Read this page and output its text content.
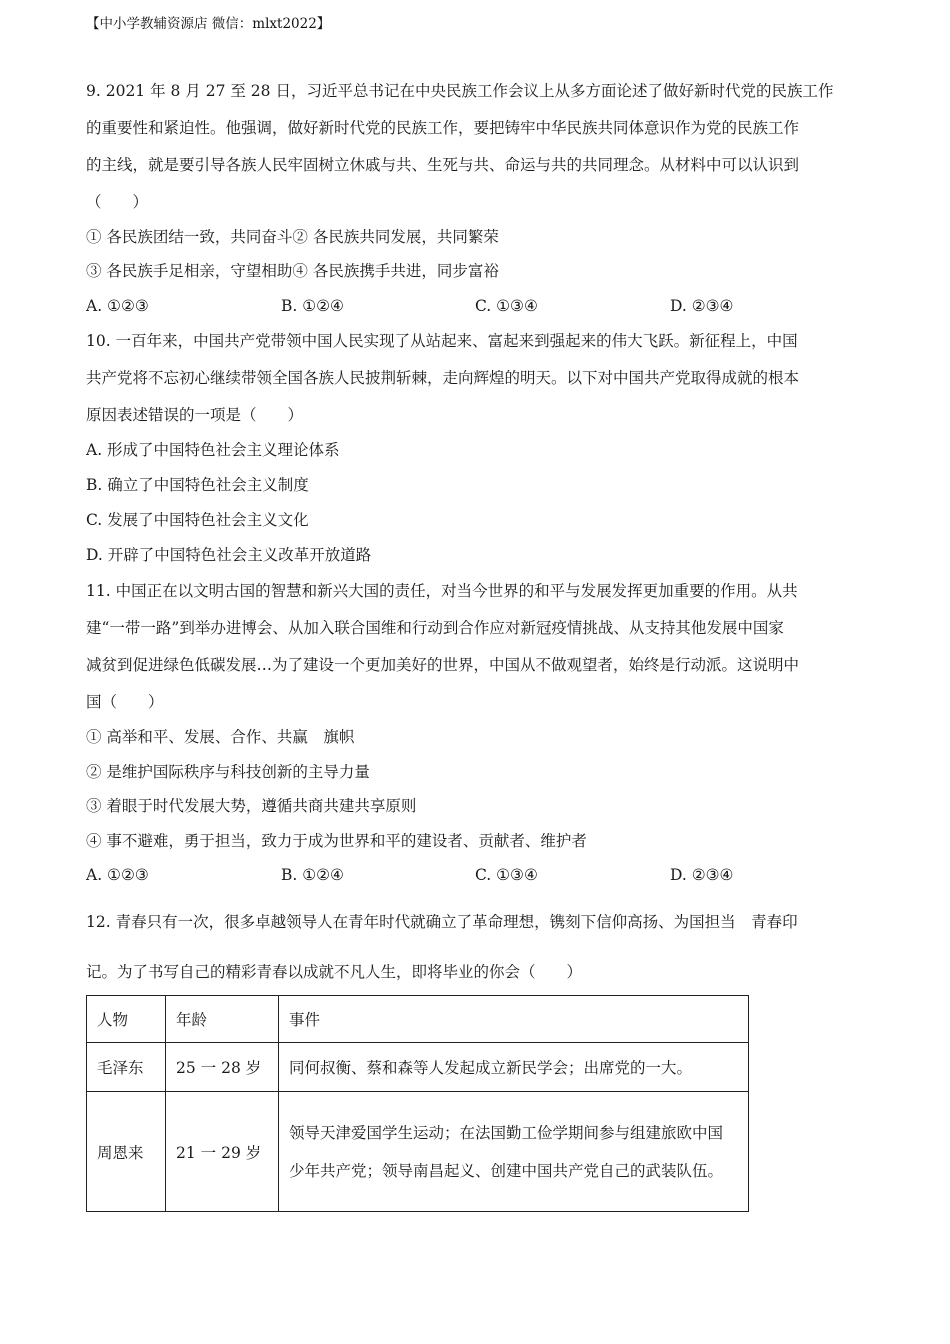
【中小学教辅资源店 微信：mlxt2022】
9. 2021 年 8 月 27 至 28 日，习近平总书记在中央民族工作会议上从多方面论述了做好新时代党的民族工作
的重要性和紧迫性。他强调，做好新时代党的民族工作，要把铸牢中华民族共同体意识作为党的民族工作
的主线，就是要引导各族人民牢固树立休戚与共、生死与共、命运与共的共同理念。从材料中可以认识到
（　　）
① 各民族团结一致，共同奋斗② 各民族共同发展，共同繁荣
③ 各民族手足相亲，守望相助④ 各民族携手共进，同步富裕
A. ①②③	B. ①②④	C. ①③④	D. ②③④
10. 一百年来，中国共产党带领中国人民实现了从站起来、富起来到强起来的伟大飞跃。新征程上，中国
共产党将不忘初心继续带领全国各族人民披荆斩棘，走向辉煌的明天。以下对中国共产党取得成就的根本
原因表述错误的一项是（　　）
A. 形成了中国特色社会主义理论体系
B. 确立了中国特色社会主义制度
C. 发展了中国特色社会主义文化
D. 开辟了中国特色社会主义改革开放道路
11. 中国正在以文明古国的智慧和新兴大国的责任，对当今世界的和平与发展发挥更加重要的作用。从共
建“一带一路”到举办进博会、从加入联合国维和行动到合作应对新冠疫情挑战、从支持其他发展中国家
减贫到促进绿色低碳发展…为了建设一个更加美好的世界，中国从不做观望者，始终是行动派。这说明中
国（　　）
① 高举和平、发展、合作、共赢　旗帜
② 是维护国际秩序与科技创新的主导力量
③ 着眼于时代发展大势，遵循共商共建共享原则
④ 事不避难，勇于担当，致力于成为世界和平的建设者、贡献者、维护者
A. ①②③	B. ①②④	C. ①③④	D. ②③④
12. 青春只有一次，很多卓越领导人在青年时代就确立了革命理想，镌刻下信仰高扬、为国担当　青春印
记。为了书写自己的精彩青春以成就不凡人生，即将毕业的你会（　　）
人物	年龄	事件
毛泽东	25 一 28 岁	同何叔衡、蔡和森等人发起成立新民学会；出席党的一大。
周恩来	21 一 29 岁	领导天津爱国学生运动；在法国勤工俭学期间参与组建旅欧中国少年共产党；领导南昌起义、创建中国共产党自己的武装队伍。
